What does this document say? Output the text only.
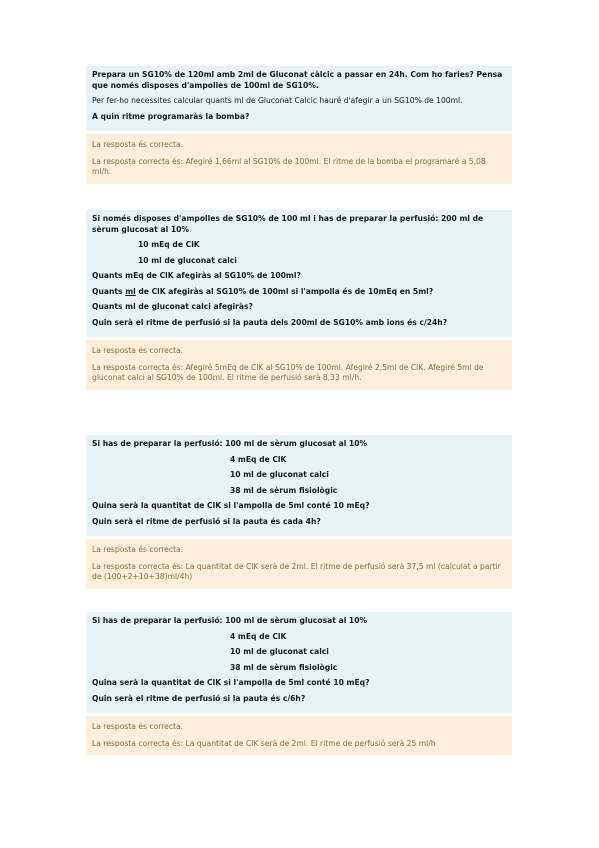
Prepara un SG10% de 120ml amb 2ml de Gluconat càlcic a passar en 24h. Com ho faries? Pensa que només disposes d'ampolles de 100ml de SG10%.

Per fer-ho necessites calcular quants ml de Gluconat Calcic hauré d'afegir a un SG10% de 100ml.

A quin ritme programaràs la bomba?

La resposta és correcta.

La resposta correcta és: Afegiré 1,66ml al SG10% de 100ml. El ritme de la bomba el programaré a 5,08 ml/h.

Si només disposes d'ampolles de SG10% de 100 ml i has de preparar la perfusió: 200 ml de sèrum glucosat al 10%

10 mEq de ClK

10 ml de gluconat calci

Quants mEq de ClK afegiràs al SG10% de 100ml?

Quants ml de ClK afegiràs al SG10% de 100ml si l'ampolla és de 10mEq en 5ml?

Quants ml de gluconat calci afegiràs?

Quin serà el ritme de perfusió si la pauta dels 200ml de SG10% amb ions és c/24h?

La resposta és correcta.

La resposta correcta és: Afegiré 5mEq de ClK al SG10% de 100ml. Afegiré 2,5ml de ClK. Afegiré 5ml de gluconat calci al SG10% de 100ml. El ritme de perfusió serà 8,33 ml/h.

Si has de preparar la perfusió: 100 ml de sèrum glucosat al 10%

4 mEq de ClK

10 ml de gluconat calci

38 ml de sèrum fisiològic

Quina serà la quantitat de ClK si l'ampolla de 5ml conté 10 mEq?

Quin serà el ritme de perfusió si la pauta és cada 4h?

La resposta és correcta.

La resposta correcta és: La quantitat de ClK serà de 2ml. El ritme de perfusió serà 37,5 ml (calculat a partir de (100+2+10+38)ml/4h)

Si has de preparar la perfusió: 100 ml de sèrum glucosat al 10%

4 mEq de ClK

10 ml de gluconat calci

38 ml de sèrum fisiològic

Quina serà la quantitat de ClK si l'ampolla de 5ml conté 10 mEq?

Quin serà el ritme de perfusió si la pauta és c/6h?

La resposta és correcta.

La resposta correcta és: La quantitat de ClK serà de 2ml. El ritme de perfusió serà 25 ml/h
